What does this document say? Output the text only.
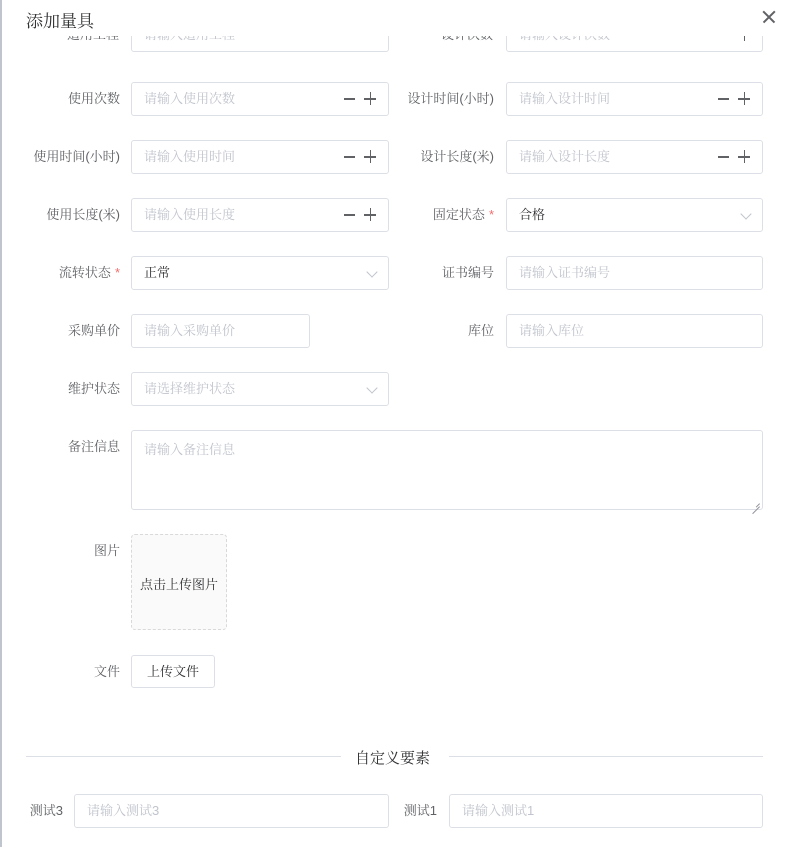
添加量具
使用次数 请输入使用次数	设计时间(小时) 请输入设计时间
使用时间(小时) 请输入使用时间	设计长度(米) 请输入设计长度
使用长度(米) 请输入使用长度	固定状态 * 合格
流转状态 * 正常	证书编号 请输入证书编号
采购单价 请输入采购单价	库位 请输入库位
维护状态 请选择维护状态
备注信息 请输入备注信息
图片
点击上传图片
文件	上传文件
自定义要素
测试3 请输入测试3	测试1 请输入测试1
